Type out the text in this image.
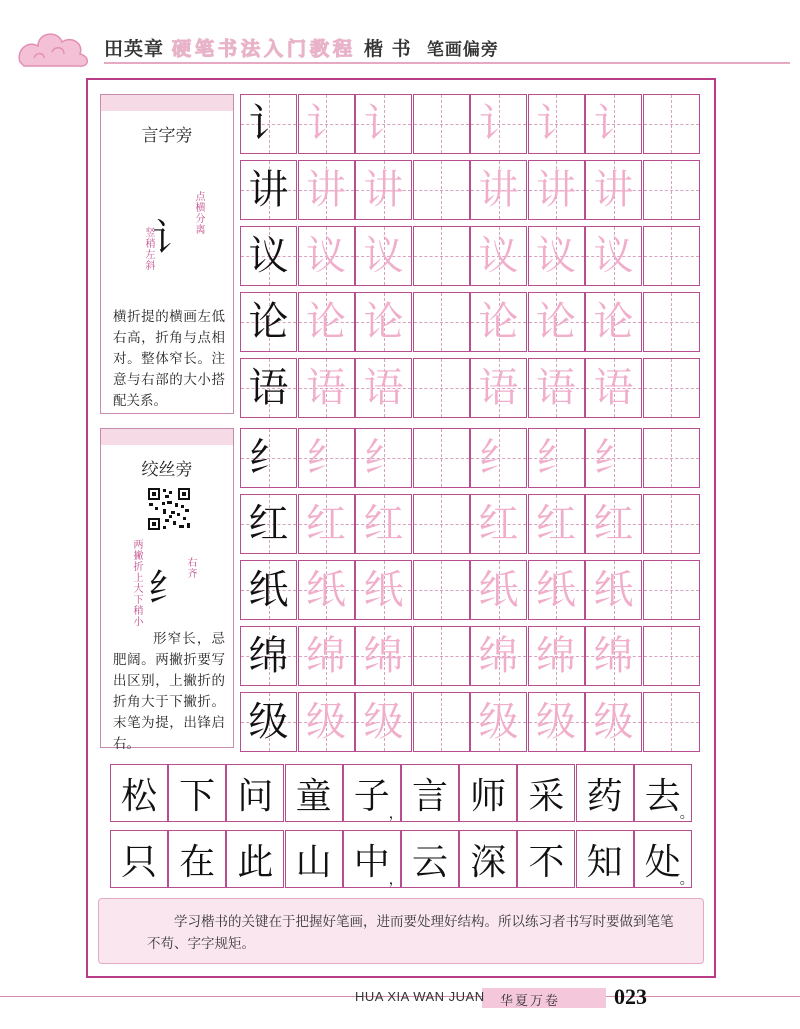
田英章 硬笔书法入门教程 楷 书 笔画偏旁
言字旁
点横分离
竖稍左斜
讠
横折提的横画左低右高，折角与点相对。整体窄长。注意与右部的大小搭配关系。
绞丝旁
两撇折上大下稍小	右齐
纟
形窄长，忌肥阔。两撇折要写出区别，上撇折的折角大于下撇折。末笔为提，出锋启右。
讠 讠 讠 讠 讠 讠
讲 讲 讲 讲 讲 讲
议 议 议 议 议 议
论 论 论 论 论 论
语 语 语 语 语 语
纟 纟 纟 纟 纟 纟
红 红 红 红 红 红
纸 纸 纸 纸 纸 纸
绵 绵 绵 绵 绵 绵
级 级 级 级 级 级
松 下 问 童 子 ， 言 师 采 药 去 。
只 在 此 山 中 ， 云 深 不 知 处 。
学习楷书的关键在于把握好笔画，进而要处理好结构。所以练习者书写时要做到笔笔不苟、字字规矩。
HUA XIA WAN JUAN 华夏万卷 023
